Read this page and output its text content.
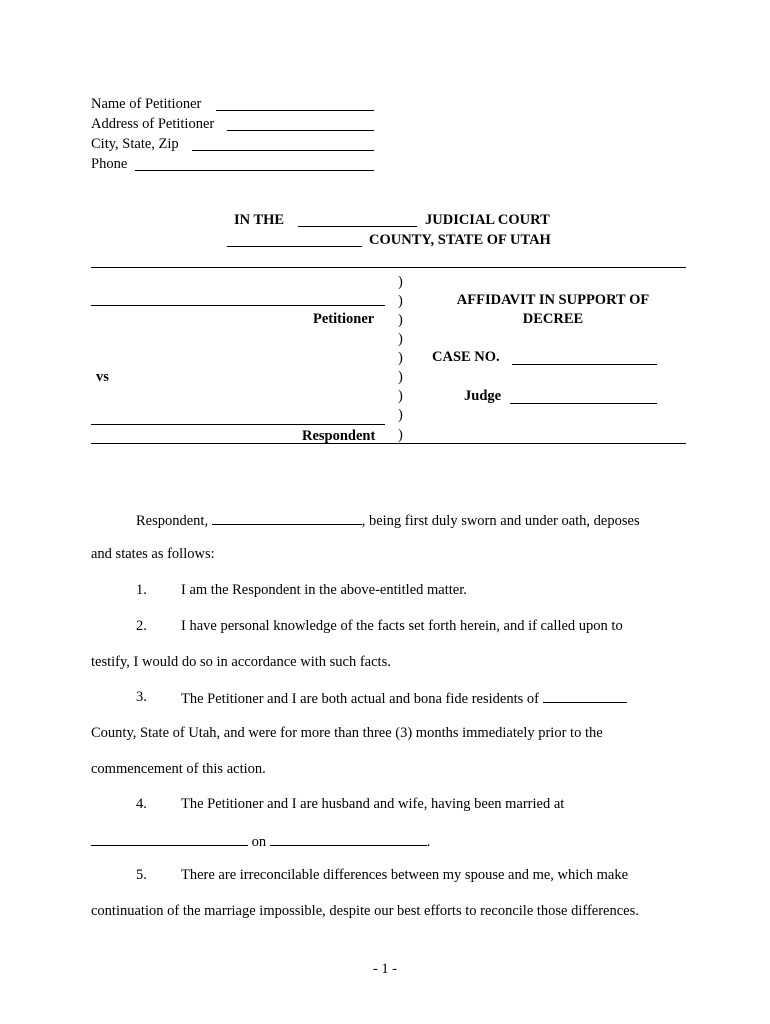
Name of Petitioner
Address of Petitioner
City, State, Zip
Phone
IN THE	JUDICIAL COURT
COUNTY, STATE OF UTAH
)
)
)
)
)
)
)
)
)
Petitioner
vs
Respondent
AFFIDAVIT IN SUPPORT OF
DECREE
CASE NO.
Judge
Respondent,	, being first duly sworn and under oath, deposes
and states as follows:
1. I am the Respondent in the above-entitled matter.
2. I have personal knowledge of the facts set forth herein, and if called upon to
testify, I would do so in accordance with such facts.
3. The Petitioner and I are both actual and bona fide residents of
County, State of Utah, and were for more than three (3) months immediately prior to the
commencement of this action.
4. The Petitioner and I are husband and wife, having been married at
on	.
5. There are irreconcilable differences between my spouse and me, which make
continuation of the marriage impossible, despite our best efforts to reconcile those differences.
- 1 -
